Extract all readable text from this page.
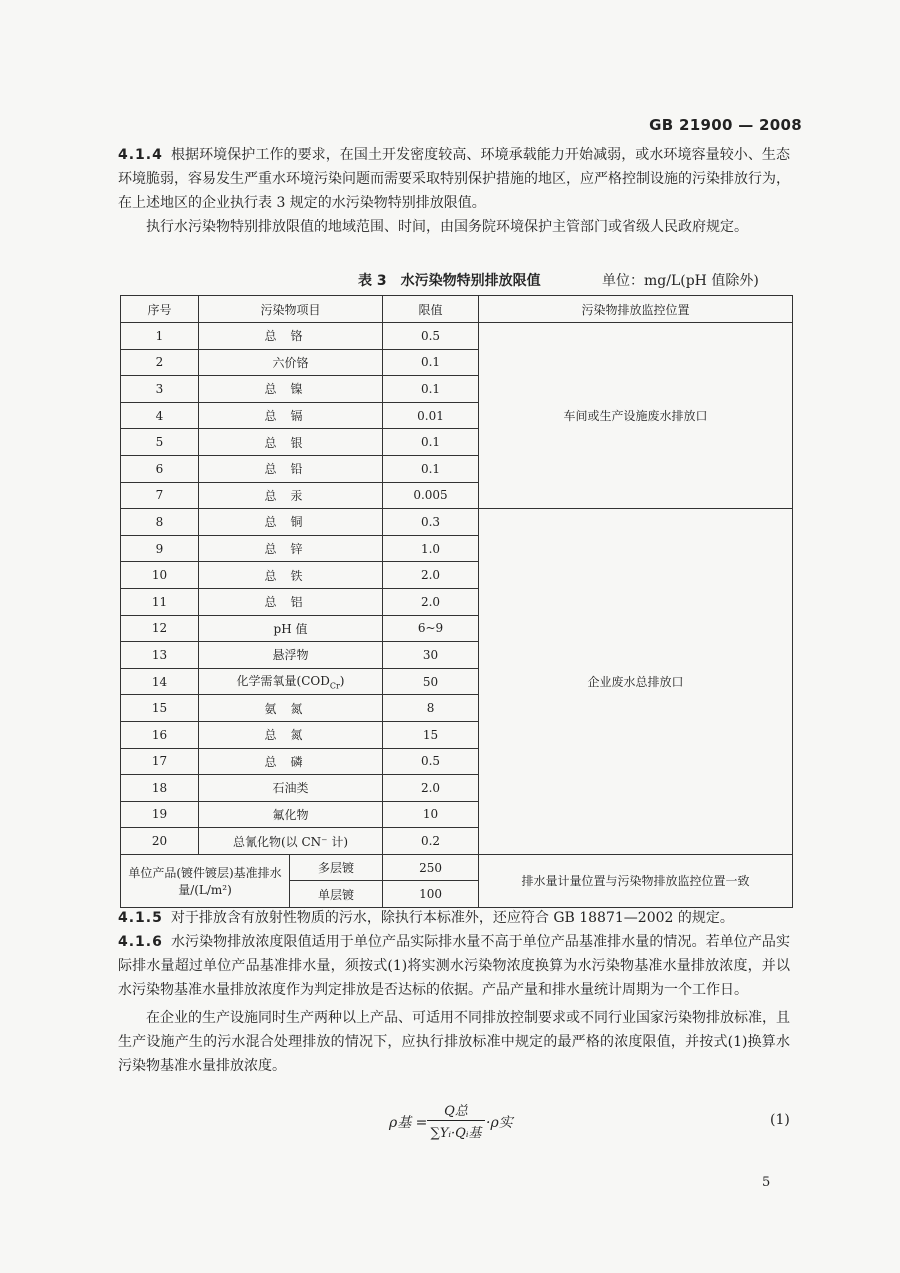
GB 21900 — 2008

4.1.4 根据环境保护工作的要求，在国土开发密度较高、环境承载能力开始减弱，或水环境容量较小、生态环境脆弱，容易发生严重水环境污染问题而需要采取特别保护措施的地区，应严格控制设施的污染排放行为，在上述地区的企业执行表 3 规定的水污染物特别排放限值。

执行水污染物特别排放限值的地域范围、时间，由国务院环境保护主管部门或省级人民政府规定。

表 3　水污染物特别排放限值	单位：mg/L(pH 值除外)
序号	污染物项目		限值	污染物排放监控位置
1	总铬		0.5	车间或生产设施废水排放口
2	六价铬		0.1	
3	总镍		0.1	
4	总镉		0.01	
5	总银		0.1	
6	总铅		0.1	
7	总汞		0.005	
8	总铜		0.3	企业废水总排放口
9	总锌		1.0	
10	总铁		2.0	
11	总铝		2.0	
12	pH 值		6~9	
13	悬浮物		30	
14	化学需氧量$(COD_{Cr})$		50	
15	氨氮		8	
16	总氮		15	
17	总磷		0.5	
18	石油类		2.0	
19	氟化物		10	
20	总氰化物(以 CN⁻ 计)		0.2	
单位产品(镀件镀层)基准排水量/(L/m²)		多层镀	250	排水量计量位置与污染物排放监控位置一致
		单层镀	100	

4.1.5 对于排放含有放射性物质的污水，除执行本标准外，还应符合 GB 18871—2002 的规定。

4.1.6 水污染物排放浓度限值适用于单位产品实际排水量不高于单位产品基准排水量的情况。若单位产品实际排水量超过单位产品基准排水量，须按式(1)将实测水污染物浓度换算为水污染物基准水量排放浓度，并以水污染物基准水量排放浓度作为判定排放是否达标的依据。产品产量和排水量统计周期为一个工作日。

在企业的生产设施同时生产两种以上产品、可适用不同排放控制要求或不同行业国家污染物排放标准，且生产设施产生的污水混合处理排放的情况下，应执行排放标准中规定的最严格的浓度限值，并按式(1)换算水污染物基准水量排放浓度。

ρ基 =
Q总
∑Yᵢ·Qᵢ基
·ρ实	(1)
5
